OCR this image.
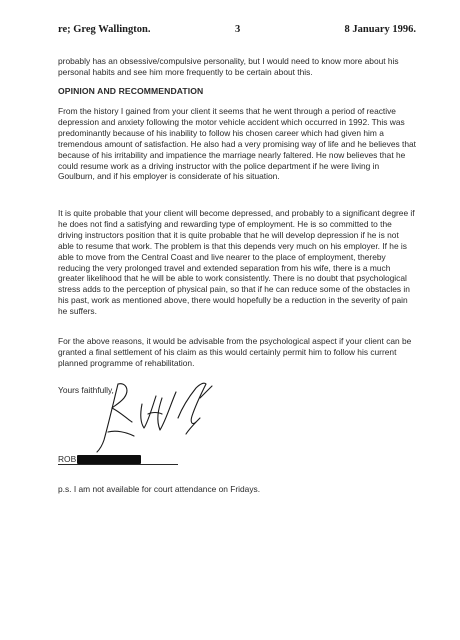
re; Greg Wallington.	3	8 January 1996.

probably has an obsessive/compulsive personality, but I would need to know more about his personal habits and see him more frequently to be certain about this.

OPINION AND RECOMMENDATION

From the history I gained from your client it seems that he went through a period of reactive depression and anxiety following the motor vehicle accident which occurred in 1992. This was predominantly because of his inability to follow his chosen career which had given him a tremendous amount of satisfaction. He also had a very promising way of life and he believes that because of his irritability and impatience the marriage nearly faltered. He now believes that he could resume work as a driving instructor with the police department if he were living in Goulburn, and if his employer is considerate of his situation.

It is quite probable that your client will become depressed, and probably to a significant degree if he does not find a satisfying and rewarding type of employment. He is so committed to the driving instructors position that it is quite probable that he will develop depression if he is not able to resume that work. The problem is that this depends very much on his employer. If he is able to move from the Central Coast and live nearer to the place of employment, thereby reducing the very prolonged travel and extended separation from his wife, there is a much greater likelihood that he will be able to work consistently. There is no doubt that psychological stress adds to the perception of physical pain, so that if he can reduce some of the obstacles in his past, work as mentioned above, there would hopefully be a reduction in the severity of pain he suffers.

For the above reasons, it would be advisable from the psychological aspect if your client can be granted a final settlement of his claim as this would certainly permit him to follow his current planned programme of rehabilitation.

Yours faithfully,

ROB

p.s. I am not available for court attendance on Fridays.
